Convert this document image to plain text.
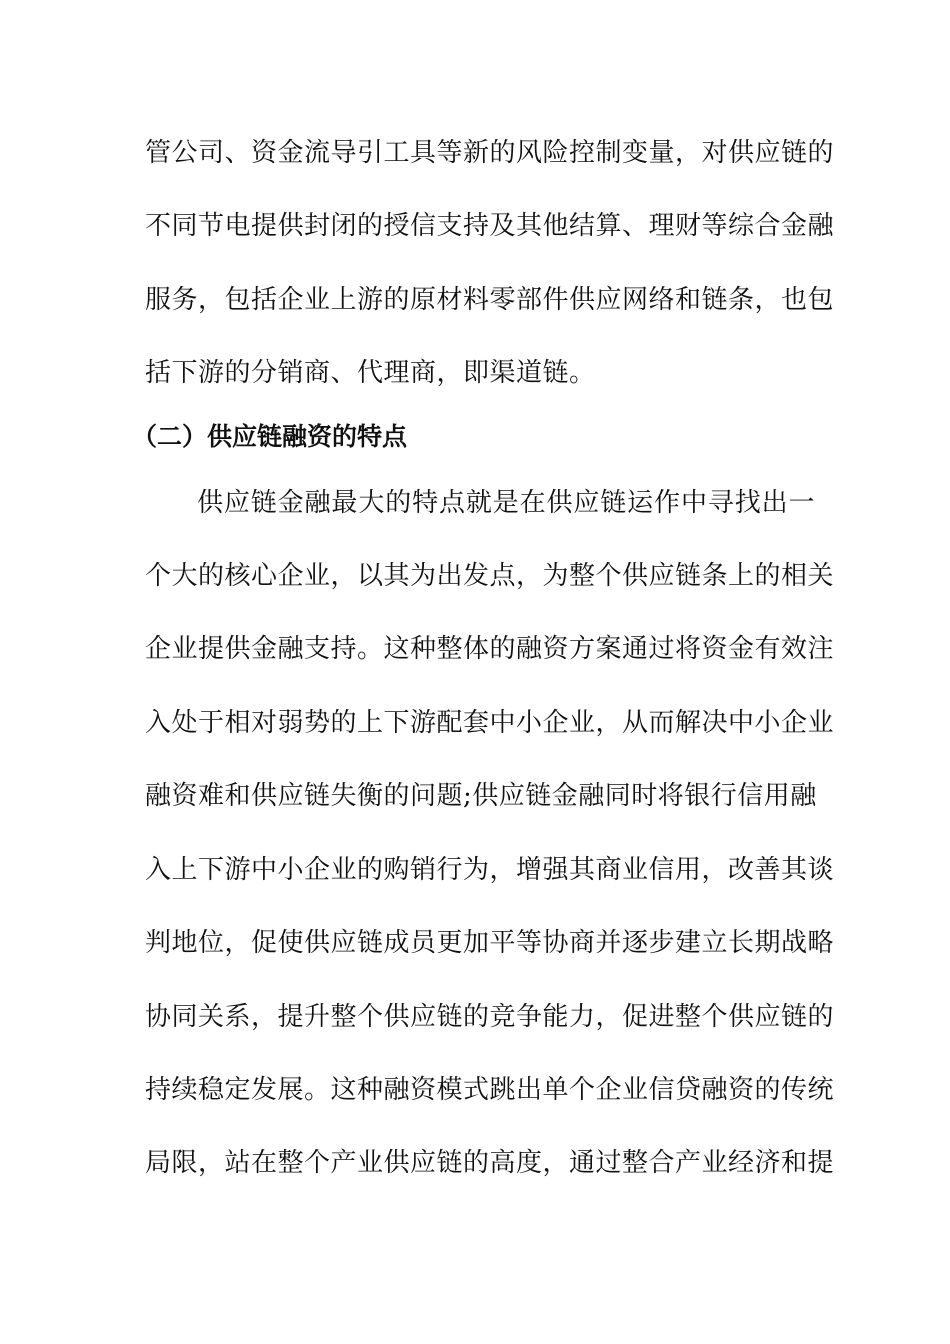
管公司、资金流导引工具等新的风险控制变量，对供应链的
不同节电提供封闭的授信支持及其他结算、理财等综合金融
服务，包括企业上游的原材料零部件供应网络和链条，也包
括下游的分销商、代理商，即渠道链。
（二）供应链融资的特点
供应链金融最大的特点就是在供应链运作中寻找出一
个大的核心企业，以其为出发点，为整个供应链条上的相关
企业提供金融支持。这种整体的融资方案通过将资金有效注
入处于相对弱势的上下游配套中小企业，从而解决中小企业
融资难和供应链失衡的问题;供应链金融同时将银行信用融
入上下游中小企业的购销行为，增强其商业信用，改善其谈
判地位，促使供应链成员更加平等协商并逐步建立长期战略
协同关系，提升整个供应链的竞争能力，促进整个供应链的
持续稳定发展。这种融资模式跳出单个企业信贷融资的传统
局限，站在整个产业供应链的高度，通过整合产业经济和提
